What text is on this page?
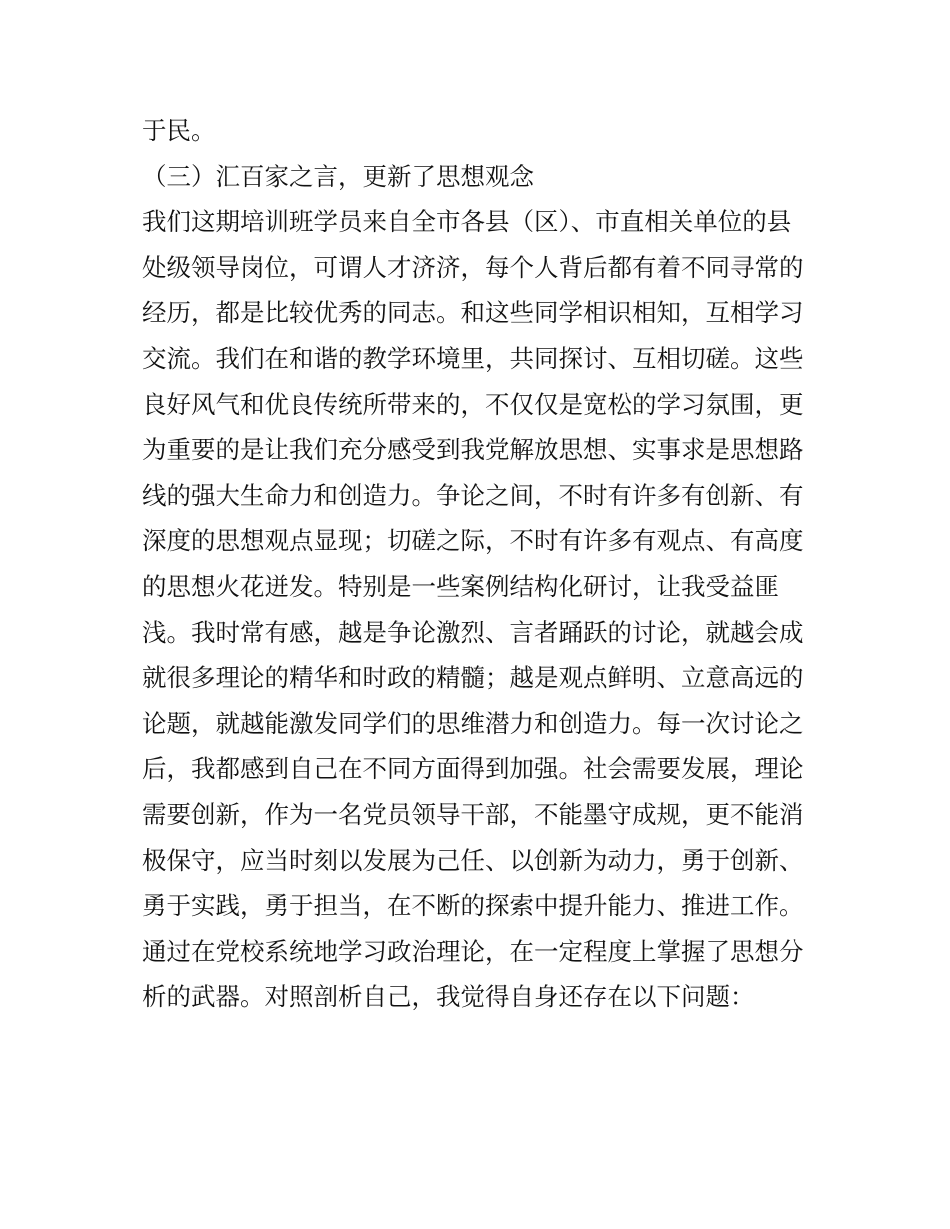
于民。
（三）汇百家之言，更新了思想观念
我们这期培训班学员来自全市各县（区）、市直相关单位的县
处级领导岗位，可谓人才济济，每个人背后都有着不同寻常的
经历，都是比较优秀的同志。和这些同学相识相知，互相学习
交流。我们在和谐的教学环境里，共同探讨、互相切磋。这些
良好风气和优良传统所带来的，不仅仅是宽松的学习氛围，更
为重要的是让我们充分感受到我党解放思想、实事求是思想路
线的强大生命力和创造力。争论之间，不时有许多有创新、有
深度的思想观点显现；切磋之际，不时有许多有观点、有高度
的思想火花迸发。特别是一些案例结构化研讨，让我受益匪
浅。我时常有感，越是争论激烈、言者踊跃的讨论，就越会成
就很多理论的精华和时政的精髓；越是观点鲜明、立意高远的
论题，就越能激发同学们的思维潜力和创造力。每一次讨论之
后，我都感到自己在不同方面得到加强。社会需要发展，理论
需要创新，作为一名党员领导干部，不能墨守成规，更不能消
极保守，应当时刻以发展为己任、以创新为动力，勇于创新、
勇于实践，勇于担当，在不断的探索中提升能力、推进工作。
通过在党校系统地学习政治理论，在一定程度上掌握了思想分
析的武器。对照剖析自己，我觉得自身还存在以下问题：
